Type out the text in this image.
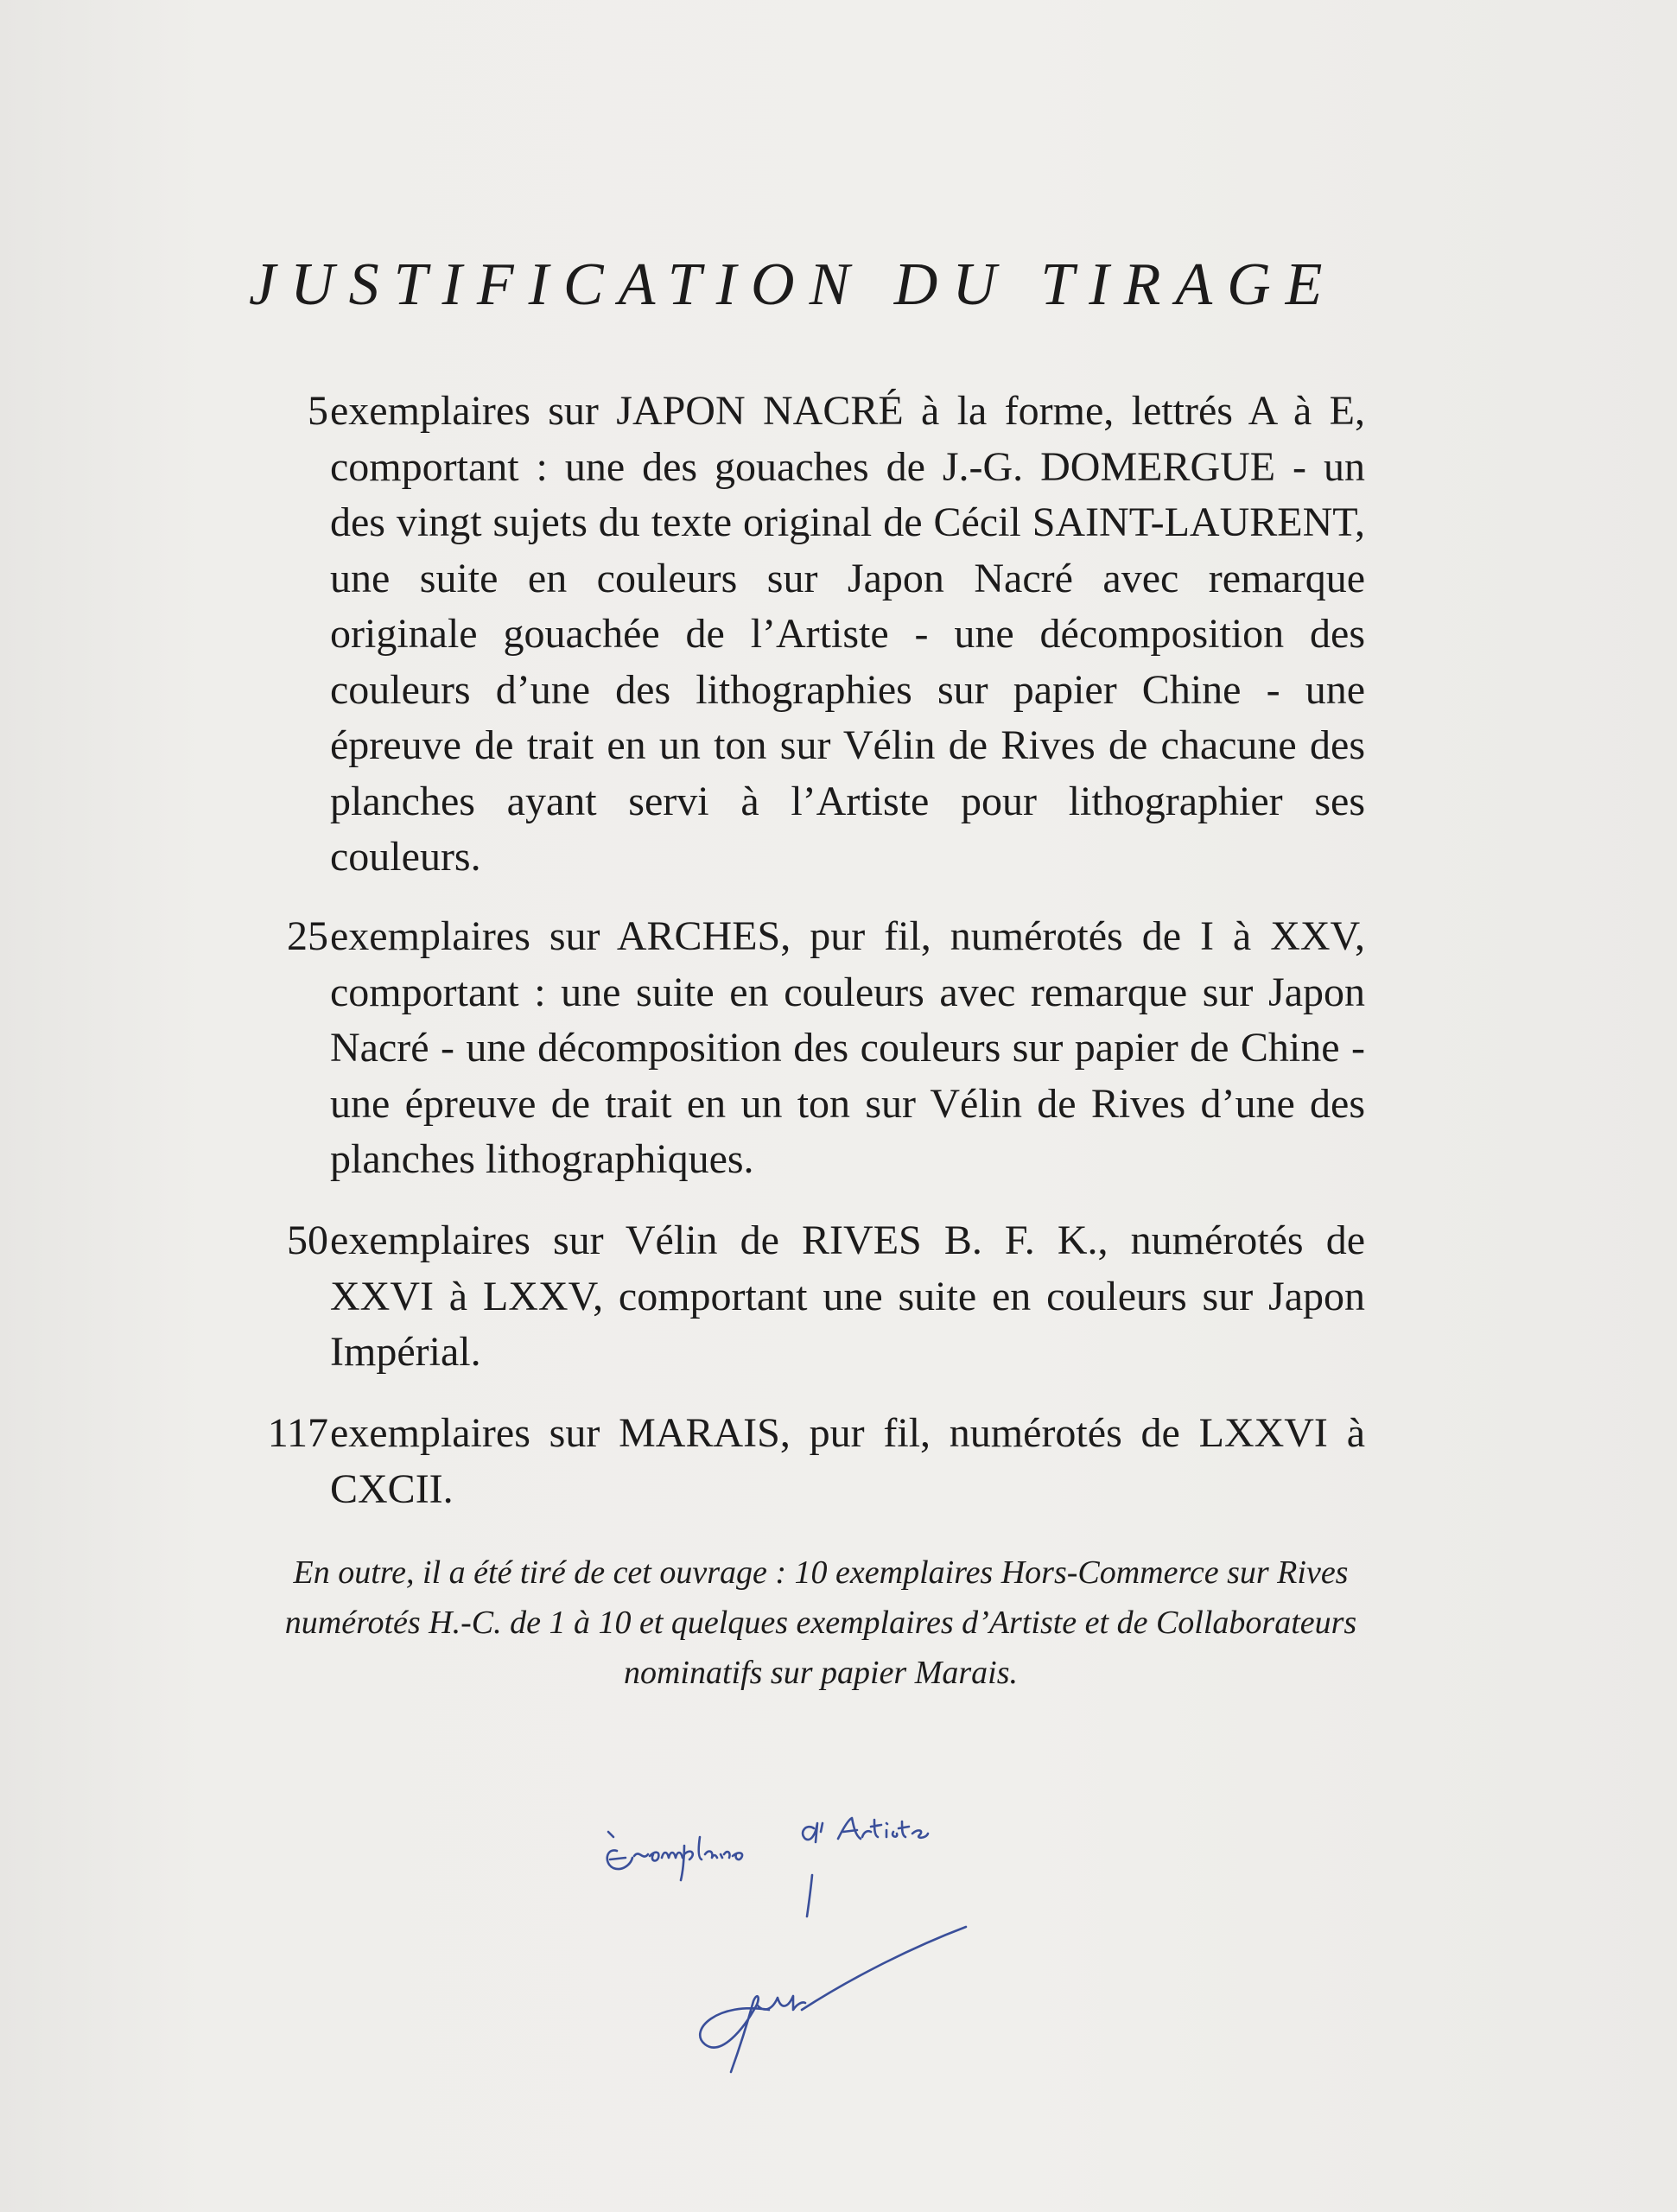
JUSTIFICATION DU TIRAGE
5 exemplaires sur JAPON NACRÉ à la forme, lettrés A à E, comportant : une des gouaches de J.-G. DOMERGUE - un des vingt sujets du texte original de Cécil SAINT-LAURENT, une suite en couleurs sur Japon Nacré avec remarque originale gouachée de l’Artiste - une décomposition des couleurs d’une des lithographies sur papier Chine - une épreuve de trait en un ton sur Vélin de Rives de chacune des planches ayant servi à l’Artiste pour lithographier ses couleurs.
25 exemplaires sur ARCHES, pur fil, numérotés de I à XXV, comportant : une suite en couleurs avec remarque sur Japon Nacré - une décomposition des couleurs sur papier de Chine - une épreuve de trait en un ton sur Vélin de Rives d’une des planches lithographiques.
50 exemplaires sur Vélin de RIVES B. F. K., numérotés de XXVI à LXXV, comportant une suite en couleurs sur Japon Impérial.
117 exemplaires sur MARAIS, pur fil, numérotés de LXXVI à CXCII.

En outre, il a été tiré de cet ouvrage : 10 exemplaires Hors-Commerce sur Rives numérotés H.-C. de 1 à 10 et quelques exemplaires d’Artiste et de Collaborateurs nominatifs sur papier Marais.
